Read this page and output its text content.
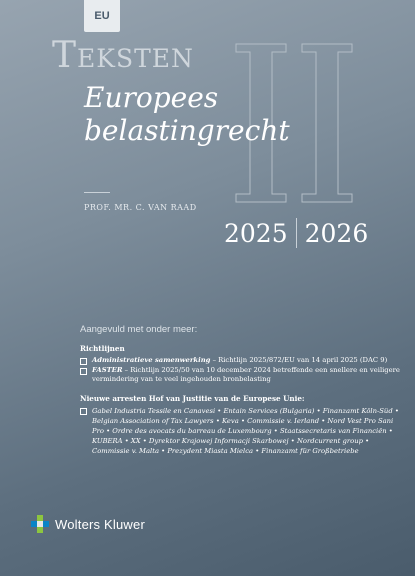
EU
Teksten
Europees
belastingrecht
PROF. MR. C. VAN RAAD
2025 2026
Aangevuld met onder meer:
Richtlijnen
Administratieve samenwerking – Richtlijn 2025/872/EU van 14 april 2025 (DAC 9)
FASTER – Richtlijn 2025/50 van 10 december 2024 betreffende een snellere en veiligere vermindering van te veel ingehouden bronbelasting
Nieuwe arresten Hof van Justitie van de Europese Unie:
Gabel Industria Tessile en Canavesi • Entain Services (Bulgaria) • Finanzamt Köln-Süd • Belgian Association of Tax Lawyers • Keva • Commissie v. Ierland • Nord Vest Pro Sani Pro • Ordre des avocats du barreau de Luxembourg • Staatssecretaris van Financiën • KUBERA • XX • Dyrektor Krajowej Informacji Skarbowej • Nordcurrent group • Commissie v. Malta • Prezydent Miasta Mielca • Finanzamt für Großbetriebe
Wolters Kluwer
